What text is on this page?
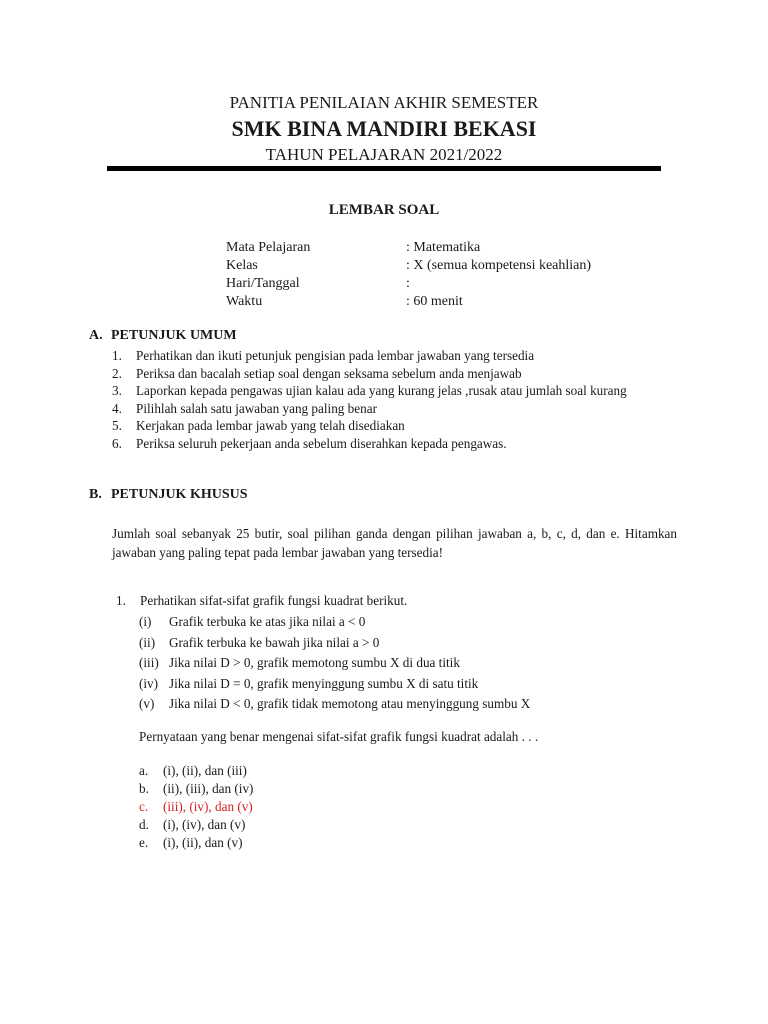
PANITIA PENILAIAN AKHIR SEMESTER
SMK BINA MANDIRI BEKASI
TAHUN PELAJARAN 2021/2022
LEMBAR SOAL
Mata Pelajaran	: Matematika
Kelas	: X (semua kompetensi keahlian)
Hari/Tanggal	:
Waktu	: 60 menit
A. PETUNJUK UMUM
1.	Perhatikan dan ikuti petunjuk pengisian pada lembar jawaban yang tersedia
2.	Periksa dan bacalah setiap soal dengan seksama sebelum anda menjawab
3.	Laporkan kepada pengawas ujian kalau ada yang kurang jelas ,rusak atau jumlah soal kurang
4.	Pilihlah salah satu jawaban yang paling benar
5.	Kerjakan pada lembar jawab yang telah disediakan
6.	Periksa seluruh pekerjaan anda sebelum diserahkan kepada pengawas.
B. PETUNJUK KHUSUS
Jumlah soal sebanyak 25 butir, soal pilihan ganda dengan pilihan jawaban a, b, c, d, dan e. Hitamkan jawaban yang paling tepat pada lembar jawaban yang tersedia!
1. Perhatikan sifat-sifat grafik fungsi kuadrat berikut.
(i)	Grafik terbuka ke atas jika nilai a < 0
(ii)	Grafik terbuka ke bawah jika nilai a > 0
(iii) Jika nilai D > 0, grafik memotong sumbu X di dua titik
(iv) Jika nilai D = 0, grafik menyinggung sumbu X di satu titik
(v)	Jika nilai D < 0, grafik tidak memotong atau menyinggung sumbu X
Pernyataan yang benar mengenai sifat-sifat grafik fungsi kuadrat adalah . . .
a.	(i), (ii), dan (iii)
b.	(ii), (iii), dan (iv)
c.	(iii), (iv), dan (v)
d.	(i), (iv), dan (v)
e.	(i), (ii), dan (v)
